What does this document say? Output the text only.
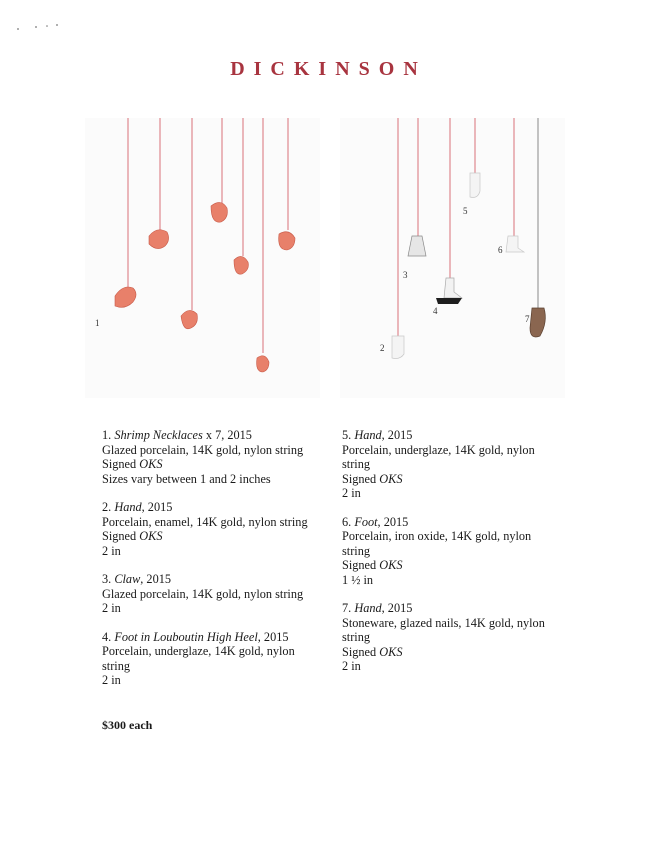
DICKINSON
1
2
3
4
5
6
7
1. Shrimp Necklaces x 7, 2015
Glazed porcelain, 14K gold, nylon string
Signed OKS
Sizes vary between 1 and 2 inches
2. Hand, 2015
Porcelain, enamel, 14K gold, nylon string
Signed OKS
2 in
3. Claw, 2015
Glazed porcelain, 14K gold, nylon string
2 in
4. Foot in Louboutin High Heel, 2015
Porcelain, underglaze, 14K gold, nylon
string
2 in
5. Hand, 2015
Porcelain, underglaze, 14K gold, nylon
string
Signed OKS
2 in
6. Foot, 2015
Porcelain, iron oxide, 14K gold, nylon
string
Signed OKS
1 ½ in
7. Hand, 2015
Stoneware, glazed nails, 14K gold, nylon
string
Signed OKS
2 in
$300 each
